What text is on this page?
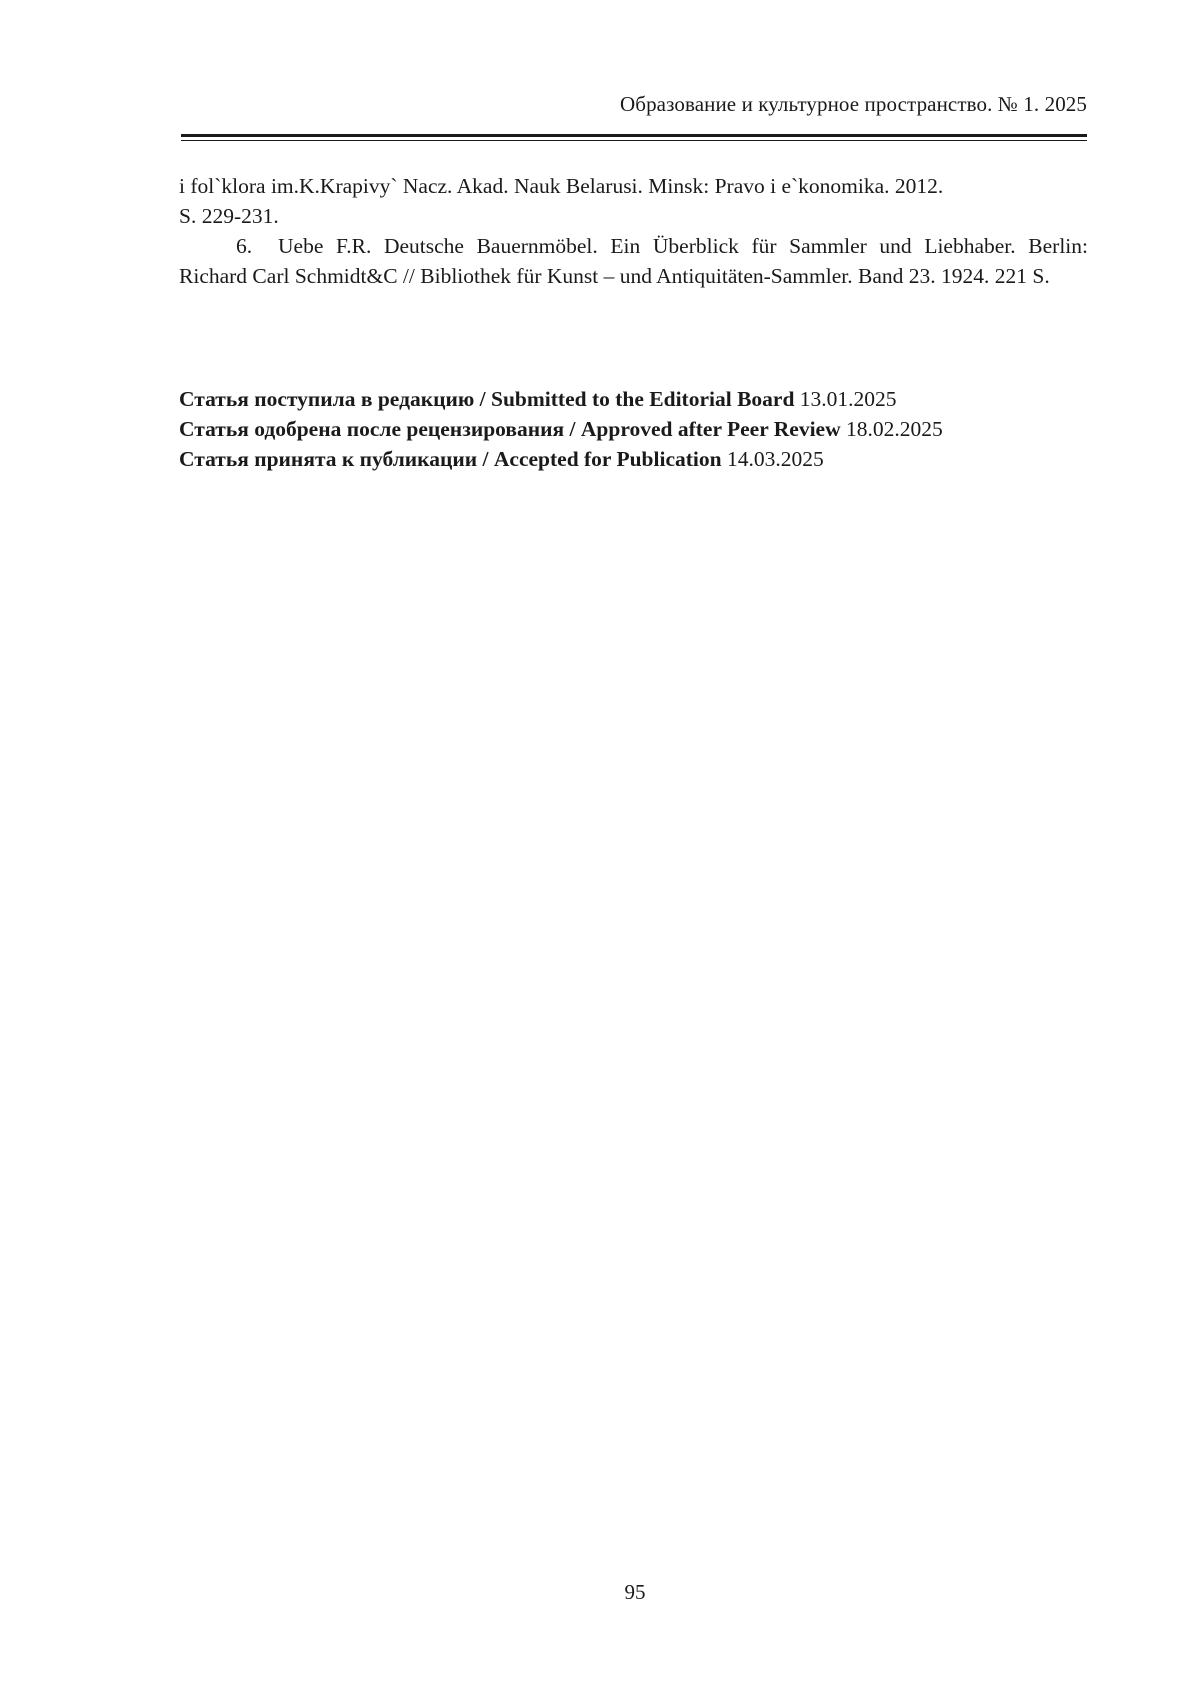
Образование и культурное пространство. № 1. 2025

i fol`klora im.K.Krapivy` Nacz. Akad. Nauk Belarusi. Minsk: Pravo i e`konomika. 2012.
S. 229-231.

6. Uebe F.R. Deutsche Bauernmöbel. Ein Überblick für Sammler und Liebhaber. Berlin: Richard Carl Schmidt&C // Bibliothek für Kunst – und Antiquitäten-Sammler. Band 23. 1924. 221 S.

Статья поступила в редакцию / Submitted to the Editorial Board 13.01.2025
Статья одобрена после рецензирования / Approved after Peer Review 18.02.2025
Статья принята к публикации / Accepted for Publication 14.03.2025
95
